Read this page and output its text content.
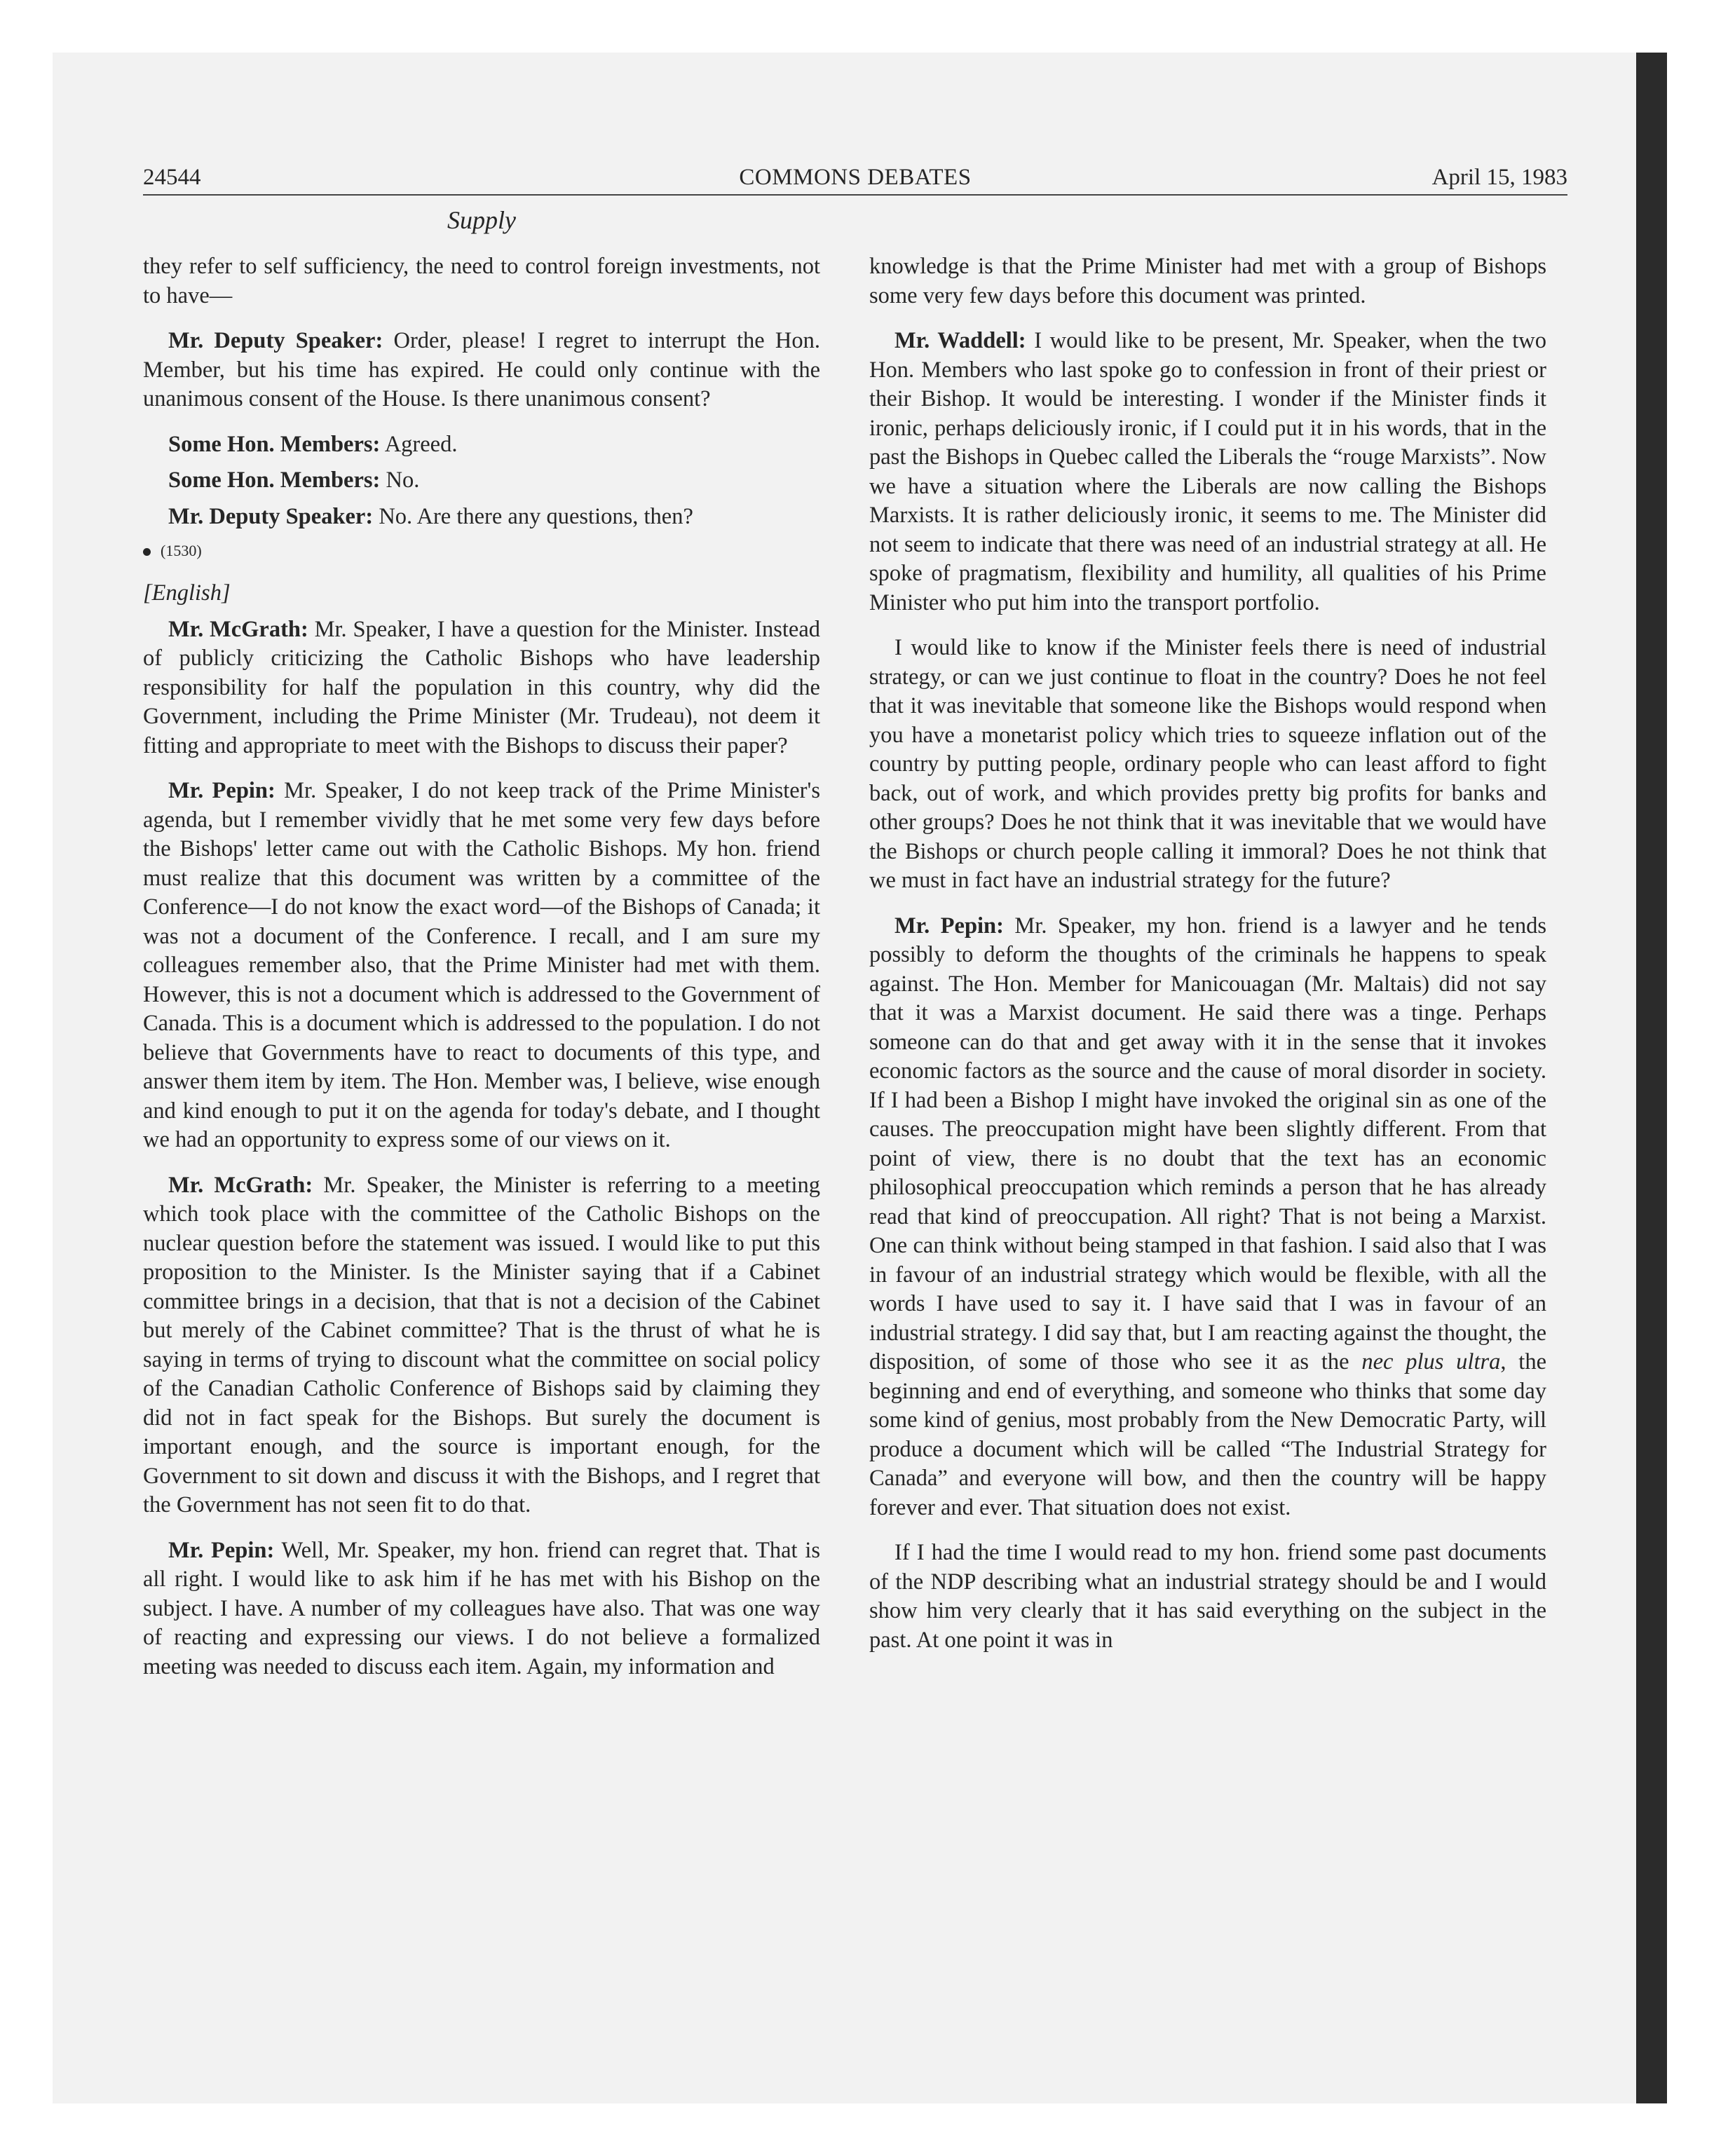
24544	COMMONS DEBATES	April 15, 1983
Supply

they refer to self sufficiency, the need to control foreign investments, not to have—

Mr. Deputy Speaker: Order, please! I regret to interrupt the Hon. Member, but his time has expired. He could only continue with the unanimous consent of the House. Is there unanimous consent?

Some Hon. Members: Agreed.

Some Hon. Members: No.

Mr. Deputy Speaker: No. Are there any questions, then?

(1530)
[English]

Mr. McGrath: Mr. Speaker, I have a question for the Minister. Instead of publicly criticizing the Catholic Bishops who have leadership responsibility for half the population in this country, why did the Government, including the Prime Minister (Mr. Trudeau), not deem it fitting and appropriate to meet with the Bishops to discuss their paper?

Mr. Pepin: Mr. Speaker, I do not keep track of the Prime Minister's agenda, but I remember vividly that he met some very few days before the Bishops' letter came out with the Catholic Bishops. My hon. friend must realize that this document was written by a committee of the Conference—I do not know the exact word—of the Bishops of Canada; it was not a document of the Conference. I recall, and I am sure my colleagues remember also, that the Prime Minister had met with them. However, this is not a document which is addressed to the Government of Canada. This is a document which is addressed to the population. I do not believe that Governments have to react to documents of this type, and answer them item by item. The Hon. Member was, I believe, wise enough and kind enough to put it on the agenda for today's debate, and I thought we had an opportunity to express some of our views on it.

Mr. McGrath: Mr. Speaker, the Minister is referring to a meeting which took place with the committee of the Catholic Bishops on the nuclear question before the statement was issued. I would like to put this proposition to the Minister. Is the Minister saying that if a Cabinet committee brings in a decision, that that is not a decision of the Cabinet but merely of the Cabinet committee? That is the thrust of what he is saying in terms of trying to discount what the committee on social policy of the Canadian Catholic Conference of Bishops said by claiming they did not in fact speak for the Bishops. But surely the document is important enough, and the source is important enough, for the Government to sit down and discuss it with the Bishops, and I regret that the Government has not seen fit to do that.

Mr. Pepin: Well, Mr. Speaker, my hon. friend can regret that. That is all right. I would like to ask him if he has met with his Bishop on the subject. I have. A number of my colleagues have also. That was one way of reacting and expressing our views. I do not believe a formalized meeting was needed to discuss each item. Again, my information and

knowledge is that the Prime Minister had met with a group of Bishops some very few days before this document was printed.

Mr. Waddell: I would like to be present, Mr. Speaker, when the two Hon. Members who last spoke go to confession in front of their priest or their Bishop. It would be interesting. I wonder if the Minister finds it ironic, perhaps deliciously ironic, if I could put it in his words, that in the past the Bishops in Quebec called the Liberals the “rouge Marxists”. Now we have a situation where the Liberals are now calling the Bishops Marxists. It is rather deliciously ironic, it seems to me. The Minister did not seem to indicate that there was need of an industrial strategy at all. He spoke of pragmatism, flexibility and humility, all qualities of his Prime Minister who put him into the transport portfolio.

I would like to know if the Minister feels there is need of industrial strategy, or can we just continue to float in the country? Does he not feel that it was inevitable that someone like the Bishops would respond when you have a monetarist policy which tries to squeeze inflation out of the country by putting people, ordinary people who can least afford to fight back, out of work, and which provides pretty big profits for banks and other groups? Does he not think that it was inevitable that we would have the Bishops or church people calling it immoral? Does he not think that we must in fact have an industrial strategy for the future?

Mr. Pepin: Mr. Speaker, my hon. friend is a lawyer and he tends possibly to deform the thoughts of the criminals he happens to speak against. The Hon. Member for Manicouagan (Mr. Maltais) did not say that it was a Marxist document. He said there was a tinge. Perhaps someone can do that and get away with it in the sense that it invokes economic factors as the source and the cause of moral disorder in society. If I had been a Bishop I might have invoked the original sin as one of the causes. The preoccupation might have been slightly different. From that point of view, there is no doubt that the text has an economic philosophical preoccupation which reminds a person that he has already read that kind of preoccupation. All right? That is not being a Marxist. One can think without being stamped in that fashion. I said also that I was in favour of an industrial strategy which would be flexible, with all the words I have used to say it. I have said that I was in favour of an industrial strategy. I did say that, but I am reacting against the thought, the disposition, of some of those who see it as the nec plus ultra, the beginning and end of everything, and someone who thinks that some day some kind of genius, most probably from the New Democratic Party, will produce a document which will be called “The Industrial Strategy for Canada” and everyone will bow, and then the country will be happy forever and ever. That situation does not exist.

If I had the time I would read to my hon. friend some past documents of the NDP describing what an industrial strategy should be and I would show him very clearly that it has said everything on the subject in the past. At one point it was in
